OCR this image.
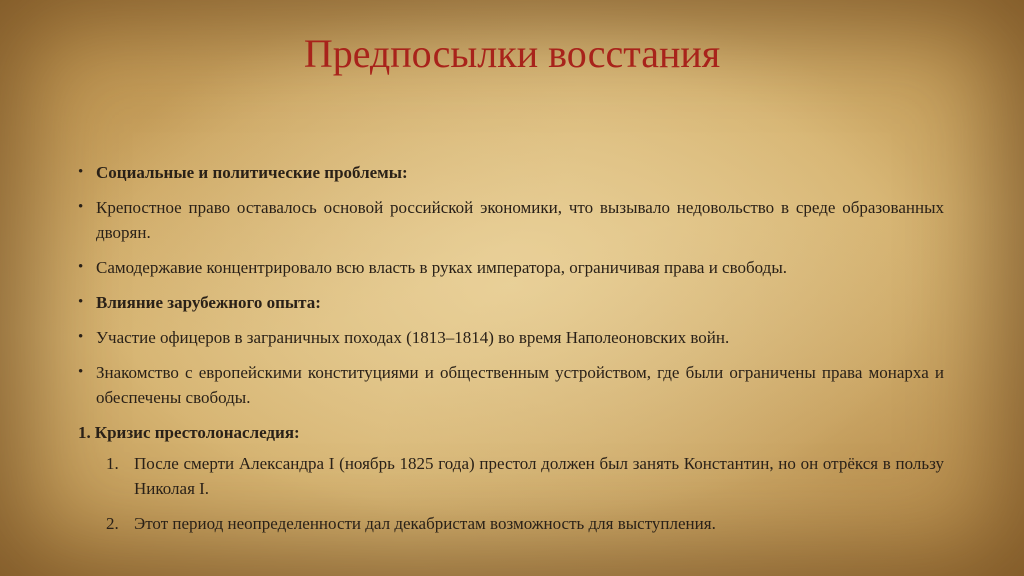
Предпосылки восстания
• Социальные и политические проблемы:
• Крепостное право оставалось основой российской экономики, что вызывало недовольство в среде образованных дворян.
• Самодержавие концентрировало всю власть в руках императора, ограничивая права и свободы.
• Влияние зарубежного опыта:
• Участие офицеров в заграничных походах (1813–1814) во время Наполеоновских войн.
• Знакомство с европейскими конституциями и общественным устройством, где были ограничены права монарха и обеспечены свободы.
1. Кризис престолонаследия:
1. После смерти Александра I (ноябрь 1825 года) престол должен был занять Константин, но он отрёкся в пользу Николая I.
2. Этот период неопределенности дал декабристам возможность для выступления.
